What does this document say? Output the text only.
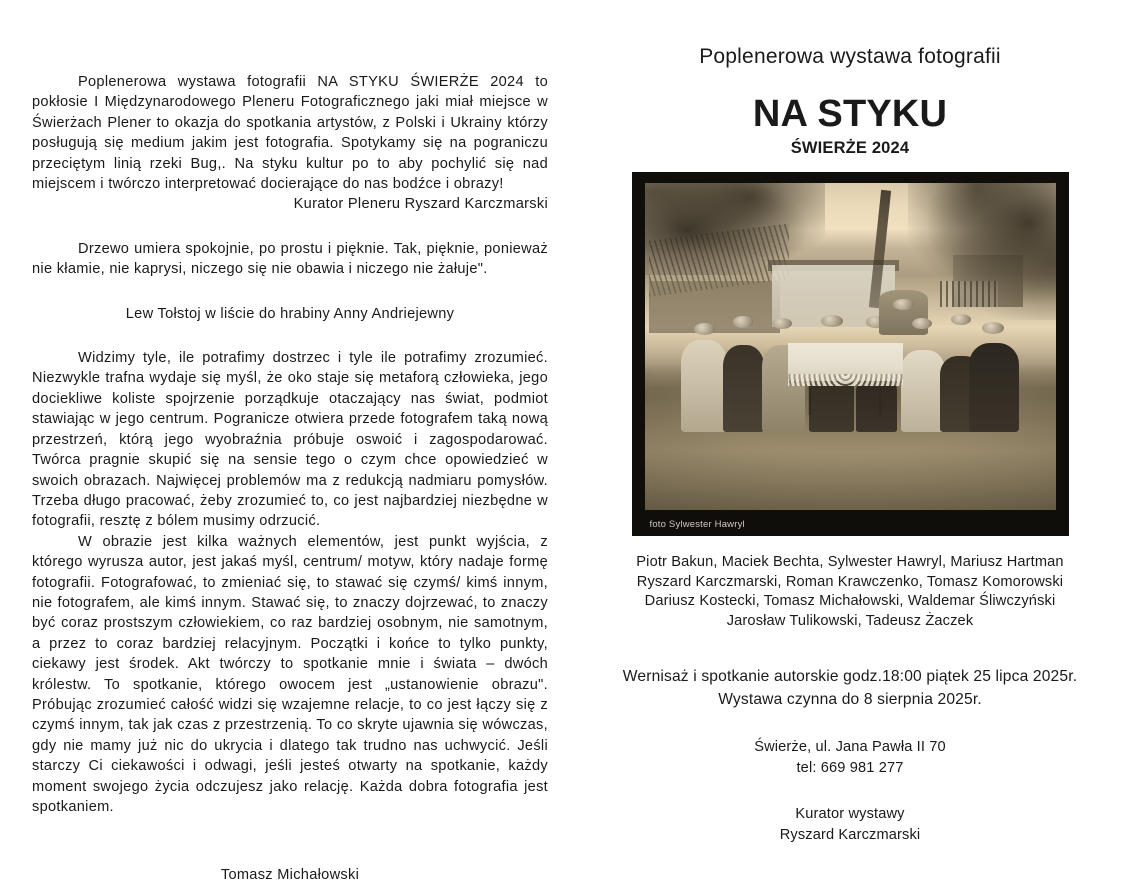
Poplenerowa wystawa fotografii NA STYKU ŚWIERŻE 2024 to pokłosie I Międzynarodowego Pleneru Fotograficznego jaki miał miejsce w Świerżach Plener to okazja do spotkania artystów, z Polski i Ukrainy którzy posługują się medium jakim jest fotografia. Spotykamy się na pograniczu przeciętym linią rzeki Bug,. Na styku kultur po to aby pochylić się nad miejscem i twórczo interpretować docierające do nas bodźce i obrazy!

Kurator Pleneru Ryszard Karczmarski

Drzewo umiera spokojnie, po prostu i pięknie. Tak, pięknie, ponieważ nie kłamie, nie kaprysi, niczego się nie obawia i niczego nie żałuje".

Lew Tołstoj w liście do hrabiny Anny Andriejewny

Widzimy tyle, ile potrafimy dostrzec i tyle ile potrafimy zrozumieć. Niezwykle trafna wydaje się myśl, że oko staje się metaforą człowieka, jego dociekliwe koliste spojrzenie porządkuje otaczający nas świat, podmiot stawiając w jego centrum. Pogranicze otwiera przede fotografem taką nową przestrzeń, którą jego wyobraźnia próbuje oswoić i zagospodarować. Twórca pragnie skupić się na sensie tego o czym chce opowiedzieć w swoich obrazach. Najwięcej problemów ma z redukcją nadmiaru pomysłów. Trzeba długo pracować, żeby zrozumieć to, co jest najbardziej niezbędne w fotografii, resztę z bólem musimy odrzucić.

W obrazie jest kilka ważnych elementów, jest punkt wyjścia, z którego wyrusza autor, jest jakaś myśl, centrum/ motyw, który nadaje formę fotografii. Fotografować, to zmieniać się, to stawać się czymś/ kimś innym, nie fotografem, ale kimś innym. Stawać się, to znaczy dojrzewać, to znaczy być coraz prostszym człowiekiem, co raz bardziej osobnym, nie samotnym, a przez to coraz bardziej relacyjnym. Początki i końce to tylko punkty, ciekawy jest środek. Akt twórczy to spotkanie mnie i świata – dwóch królestw. To spotkanie, którego owocem jest „ustanowienie obrazu". Próbując zrozumieć całość widzi się wzajemne relacje, to co jest łączy się z czymś innym, tak jak czas z przestrzenią. To co skryte ujawnia się wówczas, gdy nie mamy już nic do ukrycia i dlatego tak trudno nas uchwycić. Jeśli starczy Ci ciekawości i odwagi, jeśli jesteś otwarty na spotkanie, każdy moment swojego życia odczujesz jako relację. Każda dobra fotografia jest spotkaniem.

Tomasz Michałowski

Poplenerowa wystawa fotografii

NA STYKU

ŚWIERŻE 2024

foto Sylwester Hawryl
Piotr Bakun, Maciek Bechta, Sylwester Hawryl, Mariusz Hartman
Ryszard Karczmarski, Roman Krawczenko, Tomasz Komorowski
Dariusz Kostecki, Tomasz Michałowski, Waldemar Śliwczyński
Jarosław Tulikowski, Tadeusz Żaczek
Wernisaż i spotkanie autorskie godz.18:00 piątek 25 lipca 2025r.
Wystawa czynna do 8 sierpnia 2025r.
Świerże, ul. Jana Pawła II 70
tel: 669 981 277
Kurator wystawy
Ryszard Karczmarski
